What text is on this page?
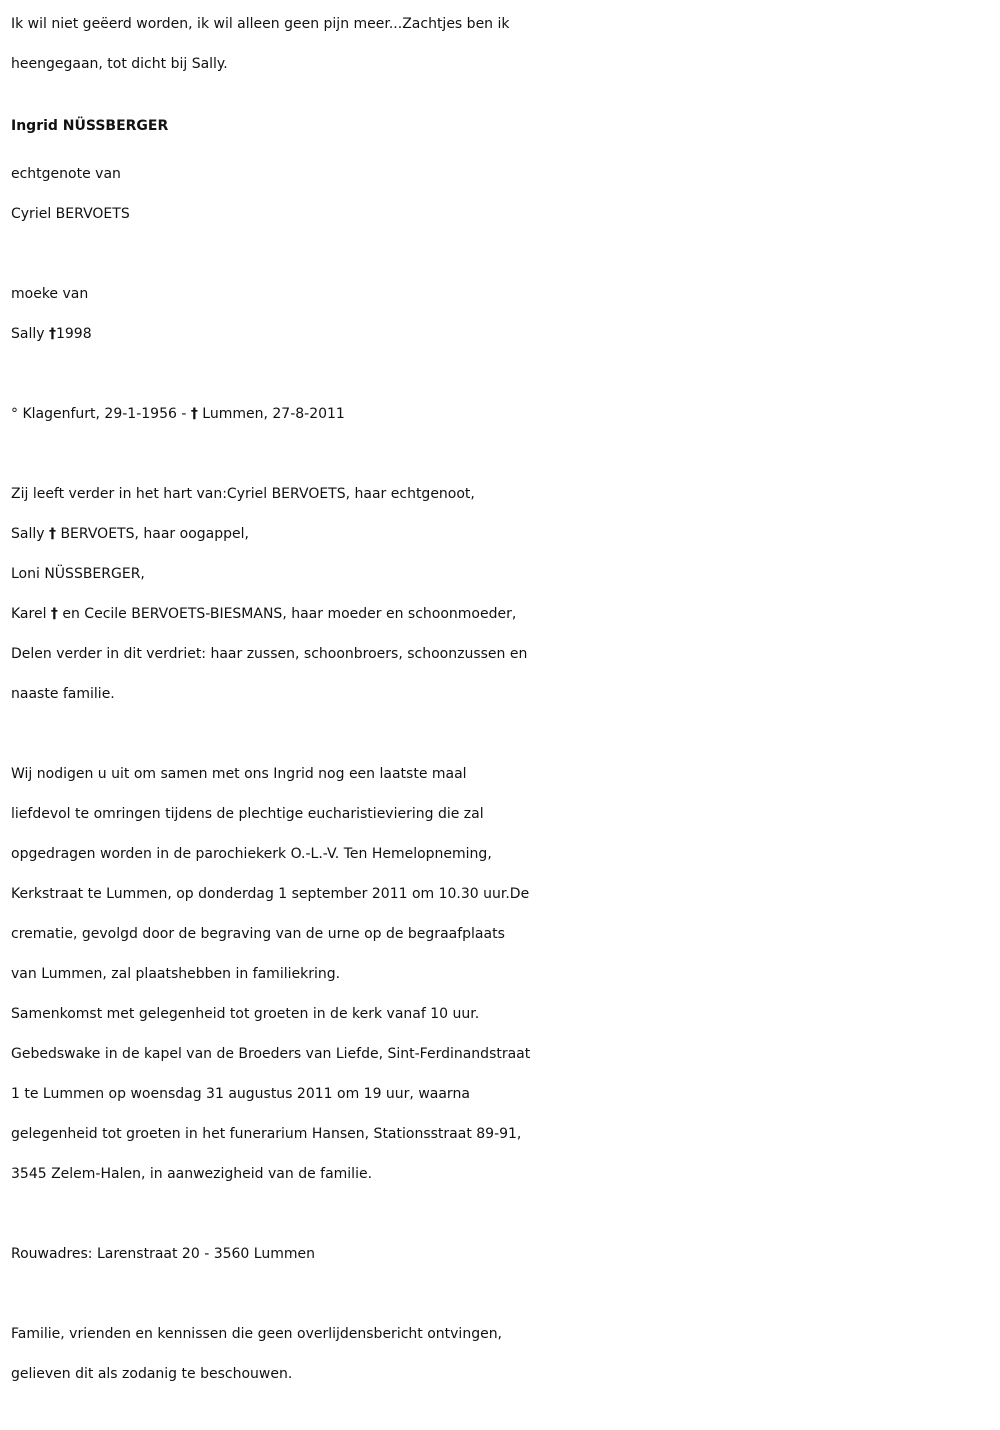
Ik wil niet geëerd worden, ik wil alleen geen pijn meer...Zachtjes ben ik
heengegaan, tot dicht bij Sally.
Ingrid NÜSSBERGER
echtgenote van
Cyriel BERVOETS
moeke van
Sally †1998
° Klagenfurt, 29-1-1956 - † Lummen, 27-8-2011
Zij leeft verder in het hart van:Cyriel BERVOETS, haar echtgenoot,
Sally † BERVOETS, haar oogappel,
Loni NÜSSBERGER,
Karel † en Cecile BERVOETS-BIESMANS, haar moeder en schoonmoeder,
Delen verder in dit verdriet: haar zussen, schoonbroers, schoonzussen en
naaste familie.
Wij nodigen u uit om samen met ons Ingrid nog een laatste maal
liefdevol te omringen tijdens de plechtige eucharistieviering die zal
opgedragen worden in de parochiekerk O.-L.-V. Ten Hemelopneming,
Kerkstraat te Lummen, op donderdag 1 september 2011 om 10.30 uur.De
crematie, gevolgd door de begraving van de urne op de begraafplaats
van Lummen, zal plaatshebben in familiekring.
Samenkomst met gelegenheid tot groeten in de kerk vanaf 10 uur.
Gebedswake in de kapel van de Broeders van Liefde, Sint-Ferdinandstraat
1 te Lummen op woensdag 31 augustus 2011 om 19 uur, waarna
gelegenheid tot groeten in het funerarium Hansen, Stationsstraat 89-91,
3545 Zelem-Halen, in aanwezigheid van de familie.
Rouwadres: Larenstraat 20 - 3560 Lummen
Familie, vrienden en kennissen die geen overlijdensbericht ontvingen,
gelieven dit als zodanig te beschouwen.
